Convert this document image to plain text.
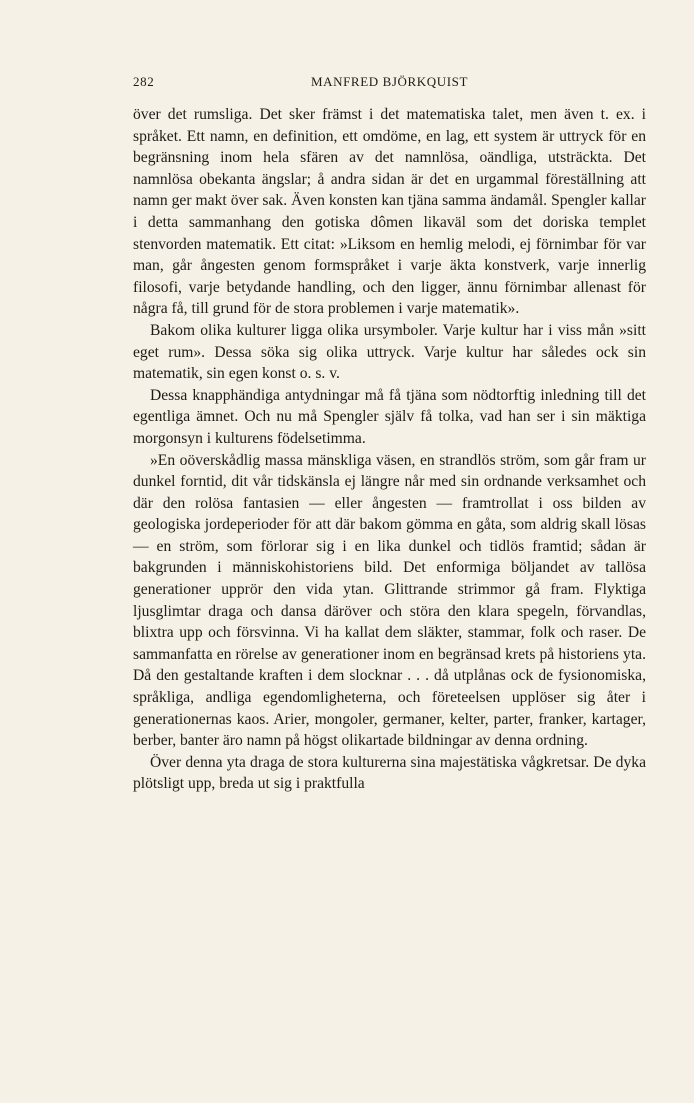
282	MANFRED BJÖRKQUIST

över det rumsliga. Det sker främst i det matematiska talet, men även t. ex. i språket. Ett namn, en definition, ett omdöme, en lag, ett system är uttryck för en begränsning inom hela sfären av det namnlösa, oändliga, utsträckta. Det namnlösa obekanta ängslar; å andra sidan är det en urgammal föreställning att namn ger makt över sak. Även konsten kan tjäna samma ändamål. Spengler kallar i detta sammanhang den gotiska dômen likaväl som det doriska templet stenvorden matematik. Ett citat: »Liksom en hemlig melodi, ej förnimbar för var man, går ångesten genom formspråket i varje äkta konstverk, varje innerlig filosofi, varje betydande handling, och den ligger, ännu förnimbar allenast för några få, till grund för de stora problemen i varje matematik».

Bakom olika kulturer ligga olika ursymboler. Varje kultur har i viss mån »sitt eget rum». Dessa söka sig olika uttryck. Varje kultur har således ock sin matematik, sin egen konst o. s. v.

Dessa knapphändiga antydningar må få tjäna som nödtorftig inledning till det egentliga ämnet. Och nu må Spengler själv få tolka, vad han ser i sin mäktiga morgonsyn i kulturens födelsetimma.

»En oöverskådlig massa mänskliga väsen, en strandlös ström, som går fram ur dunkel forntid, dit vår tidskänsla ej längre når med sin ordnande verksamhet och där den rolösa fantasien — eller ångesten — framtrollat i oss bilden av geologiska jordeperioder för att där bakom gömma en gåta, som aldrig skall lösas — en ström, som förlorar sig i en lika dunkel och tidlös framtid; sådan är bakgrunden i människohistoriens bild. Det enformiga böljandet av tallösa generationer upprör den vida ytan. Glittrande strimmor gå fram. Flyktiga ljusglimtar draga och dansa däröver och störa den klara spegeln, förvandlas, blixtra upp och försvinna. Vi ha kallat dem släkter, stammar, folk och raser. De sammanfatta en rörelse av generationer inom en begränsad krets på historiens yta. Då den gestaltande kraften i dem slocknar . . . då utplånas ock de fysionomiska, språkliga, andliga egendomligheterna, och företeelsen upplöser sig åter i generationernas kaos. Arier, mongoler, germaner, kelter, parter, franker, kartager, berber, banter äro namn på högst olikartade bildningar av denna ordning.

Över denna yta draga de stora kulturerna sina majestätiska vågkretsar. De dyka plötsligt upp, breda ut sig i praktfulla
